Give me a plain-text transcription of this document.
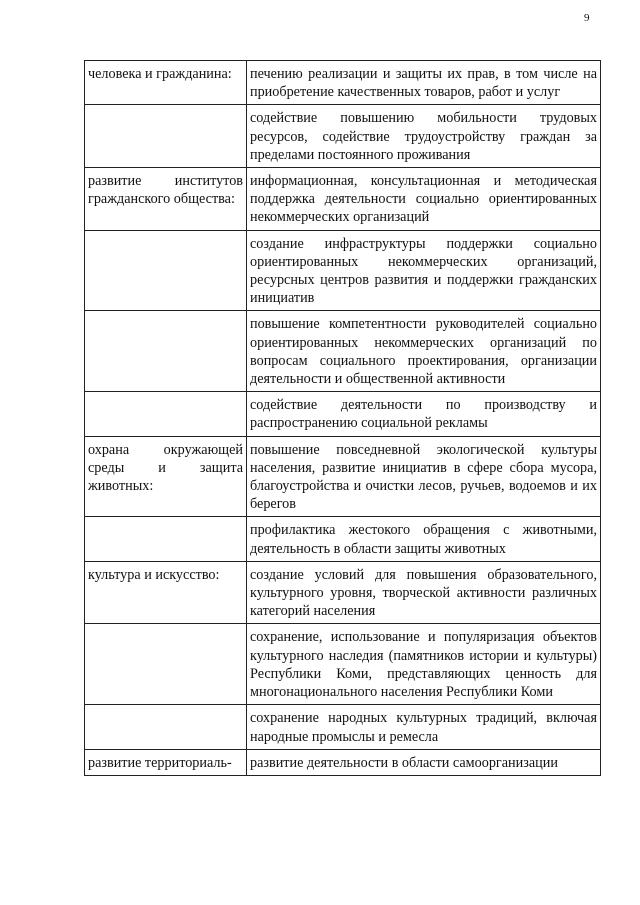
9
человека и гражданина:	печению реализации и защиты их прав, в том числе на приобретение качественных товаров, работ и услуг

	содействие повышению мобильности трудовых ресурсов, содействие трудоустройству граждан за пределами постоянного проживания

развитие институтов гражданского общества:	информационная, консультационная и методическая поддержка деятельности социально ориентированных некоммерческих организаций

	создание инфраструктуры поддержки социально ориентированных некоммерческих организаций, ресурсных центров развития и поддержки гражданских инициатив

	повышение компетентности руководителей социально ориентированных некоммерческих организаций по вопросам социального проектирования, организации деятельности и общественной активности

	содействие деятельности по производству и распространению социальной рекламы

охрана окружающей среды и защита животных:	повышение повседневной экологической культуры населения, развитие инициатив в сфере сбора мусора, благоустройства и очистки лесов, ручьев, водоемов и их берегов

	профилактика жестокого обращения с животными, деятельность в области защиты животных

культура и искусство:	создание условий для повышения образовательного, культурного уровня, творческой активности различных категорий населения

	сохранение, использование и популяризация объектов культурного наследия (памятников истории и культуры) Республики Коми, представляющих ценность для многонационального населения Республики Коми

	сохранение народных культурных традиций, включая народные промыслы и ремесла

развитие территориаль-	развитие деятельности в области самоорганизации
